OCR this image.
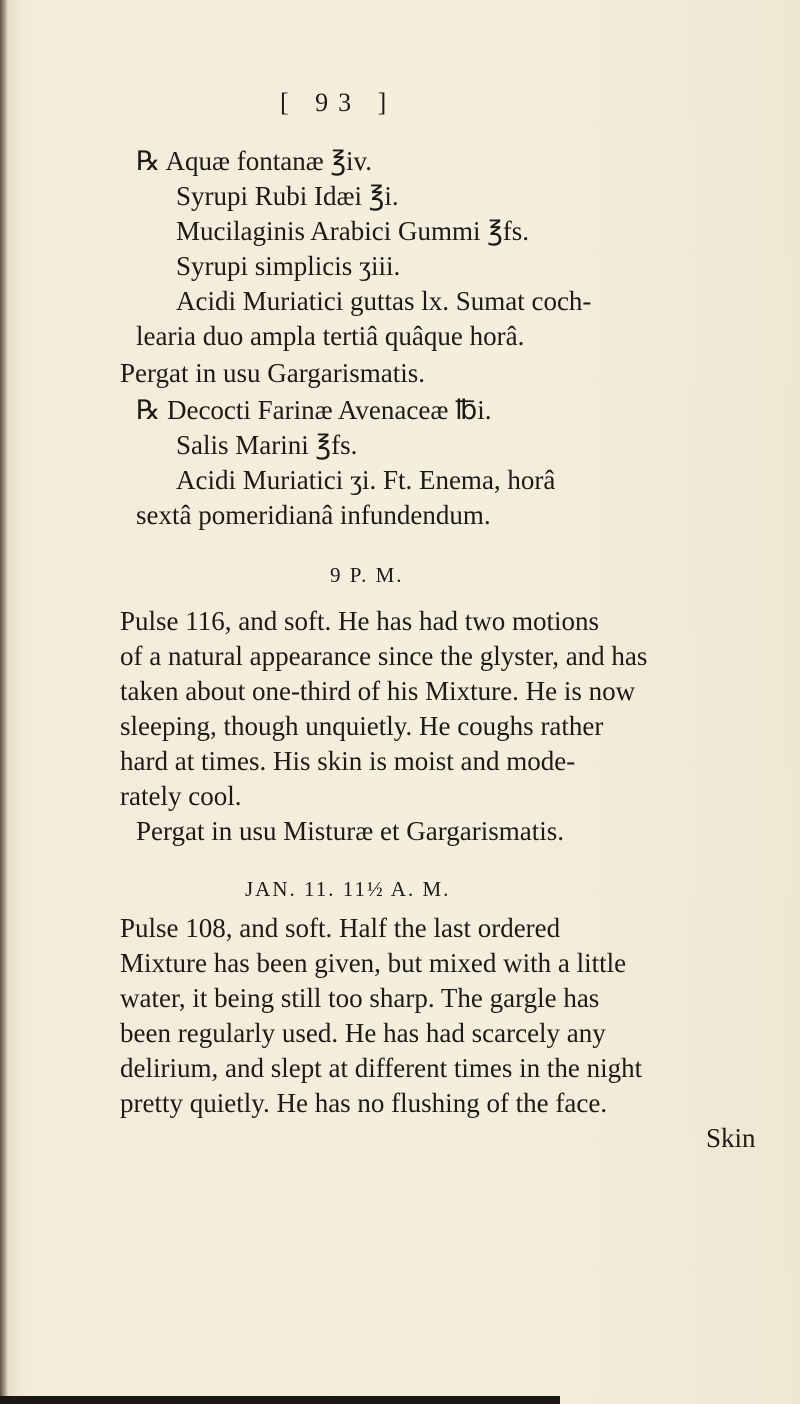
[ 93 ]
℞ Aquæ fontanæ ℥iv.
Syrupi Rubi Idæi ℥i.
Mucilaginis Arabici Gummi ℥fs.
Syrupi simplicis ʒiii.
Acidi Muriatici guttas lx. Sumat coch-
learia duo ampla tertiâ quâque horâ.
Pergat in usu Gargarismatis.
℞ Decocti Farinæ Avenaceæ ℔i.
Salis Marini ℥fs.
Acidi Muriatici ʒi. Ft. Enema, horâ
sextâ pomeridianâ infundendum.
9 P. M.
Pulse 116, and soft. He has had two motions
of a natural appearance since the glyster, and has
taken about one-third of his Mixture. He is now
sleeping, though unquietly. He coughs rather
hard at times. His skin is moist and mode-
rately cool.
Pergat in usu Misturæ et Gargarismatis.
JAN. 11. 11½ A. M.
Pulse 108, and soft. Half the last ordered
Mixture has been given, but mixed with a little
water, it being still too sharp. The gargle has
been regularly used. He has had scarcely any
delirium, and slept at different times in the night
pretty quietly. He has no flushing of the face.
Skin
